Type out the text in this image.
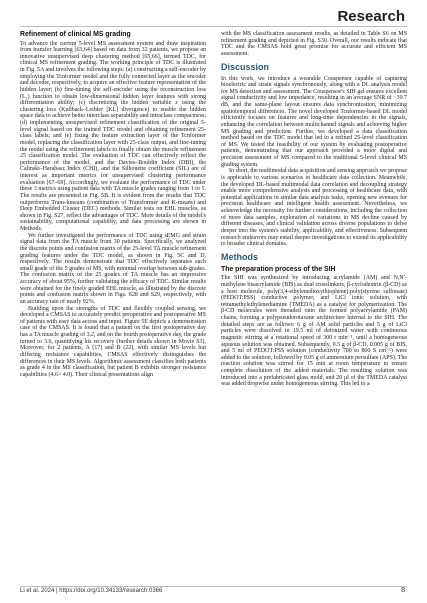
Research
Refinement of clinical MS grading

To advance the current 5-level MS assessment system and draw inspiration from transfer learning [63,64] based on data from 32 patients, we propose an innovative unsupervised deep clustering method [65,66], termed TDC, for clinical MS refinement grading. The working principle of TDC is illustrated in Fig. 5A and involves the following steps: (a) constructing a self-encoder by employing the Tcnformer model and the fully connected layer as the encoder and decoder, respectively, to acquire an effective feature representation of the hidden layer; (b) fine-tuning the self-encoder using the reconstruction loss (L₁) function to obtain low-dimensional hidden layer features with strong differentiation ability; (c) discretizing the hidden variable z using the clustering loss (Kullback–Leibler [KL] divergence) to enable the hidden space data to achieve better interclass separability and intraclass compactness; (d) implementing unsupervised refinement classification of the original 5-level signal based on the trained TDC model and obtaining refinement 25-class labels; and (e) fixing the feature extraction layer of the Tcnformer model, replacing the classification layer with 25-class output, and fine-tuning the model using the refinement labels to finally obtain the muscle refinement 25 classification model. The evaluation of TDC can effectively reflect the performance of the model, and the Davies–Bouldin Index (DBI), the Calinski–Harabasz Index (CHI), and the Silhouette coefficient (SIL) are of interest as important metrics for unsupervised clustering performance evaluation [67–69]. Accordingly, we evaluate the performance of TDC under these 3 metrics using patient data with TA muscle grades ranging from 1 to 5. The results are presented in Fig. 5B. It is evident from the results that TDC outperforms Trans-kmeans (combination of Transformer and K-means) and Deep Embedded Cluster (DEC) methods. Similar tests on EHL muscles, as shown in Fig. S27, reflect the advantages of TDC. More details of the model's sustainability, computational capability, and data processing are shown in Methods.

We further investigated the performance of TDC using sEMG and strain signal data from the TA muscle from 30 patients. Specifically, we analyzed the discrete points and confusion matrix of the 25-level TA muscle refinement grading features under the TDC model, as shown in Fig. 5C and D, respectively. The results demonstrate that TDC effectively separates each small grade of the 5 grades of MS, with minimal overlap between sub-grades. The confusion matrix of the 25 grades of TA muscle has an impressive accuracy of about 95%, further validating the efficacy of TDC. Similar results were obtained for the finely graded EHL muscle, as illustrated by the discrete points and confusion matrix shown in Figs. S28 and S29, respectively, with an accuracy rate of nearly 92%.

Building upon the strengths of TDC and flexibly coupled sensing, we developed a CMSAS to accurately predict preoperative and postoperative MS of patients with easy data access and input. Figure 5E depicts a demonstration case of the CMSAS. It is found that a patient on the first postoperative day has a TA muscle grading of 3.2, and on the fourth postoperative day, the grade turned to 3.6, quantifying his recovery (further details shown in Movie S3). Moreover, for 2 patients, A (17) and B (22), with similar MS levels but differing resistance capabilities, CMSAS effectively distinguishes the differences in their MS levels. Algorithmic assessment classifies both patients as grade 4 in the MS classification, but patient B exhibits stronger resistance capabilities (4.6> 4.0). Their clinical presentations align

with the MS classification assessment results, as detailed in Table S6 on MS refinement grading and depicted in Fig. S30. Overall, our results indicate that TDC and the CMSAS hold great promise for accurate and efficient MS assessment.

Discussion

In this work, we introduce a wearable Couspensor capable of capturing bioelectric and strain signals synchronously, along with a DL analysis model for MS detection and assessment. The Couspensor's SIH gel ensures excellent signal conductivity and low impedance, resulting in an average SNR of ~39.7 dB, and the same-plane layout ensures data synchronization, minimizing spatiotemporal differences. The novel developed Tcnformer-based DL model efficiently focuses on features and long-time dependencies in the signals, enhancing the correlation between multichannel signals and achieving higher MS grading and prediction. Further, we developed a data classification method based on the TDC model that led to a refined 25-level classification of MS. We tested the feasibility of our system by evaluating postoperative patients, demonstrating that our approach provided a more digital and precision assessment of MS compared to the traditional 5-level clinical MS grading system.

In short, the multimodal data acquisition and sensing approach we propose is applicable to various scenarios in healthcare data collection. Meanwhile, the developed DL-based multimodal data correlation and decoupling strategy enable more comprehensive analysis and processing of healthcare data, with potential applications in similar data analysis tasks, opening new avenues for precision healthcare and intelligent health assessment. Nevertheless, we acknowledge the necessity for further considerations, including the collection of more data samples, exploration of variations in MS decline caused by different diseases, and clinical validation across diverse populations to delve deeper into the system's stability, applicability, and effectiveness. Subsequent research endeavors may entail deeper investigations to extend its applicability to broader clinical domains.

Methods
The preparation process of the SIH

The SIH was synthesized by introducing acrylamide (AM) and N,N′-methylene bisacrylamide (BIS) as dual crosslinkers, β-cyclodextrin (β-CD) as a host molecule, poly(3,4-ethylenedioxythiophene):poly(styrene sulfonate) (PEDOT:PSS) conductive polymer, and LiCl ionic solution, with tetramethylethylenediamine (TMEDA) as a catalyst for polymerization. The β-CD molecules were threaded onto the formed polyacrylamide (PAM) chains, forming a polypseudorotaxane architecture internal to the SIH. The detailed steps are as follows: 6 g of AM solid particles and 5 g of LiCl particles were dissolved in 19.5 ml of deionized water with continuous magnetic stirring at a rotational speed of 300 r min⁻¹, until a homogeneous aqueous solution was obtained. Subsequently, 0.5 g of β-CD, 0.005 g of BIS, and 5 ml of PEDOT:PSS solution (conductivity 700 to 800 S cm⁻¹) were added to the solution, followed by 0.05 g of ammonium persulfate (APS). The reaction solution was stirred for 15 min at room temperature to ensure complete dissolution of the added materials. The resulting solution was introduced into a prefabricated glass mold, and 20 μl of the TMEDA catalyst was added dropwise under homogeneous stirring. This led to a

Li et al. 2024 | https://doi.org/10.34133/research.0366	8
